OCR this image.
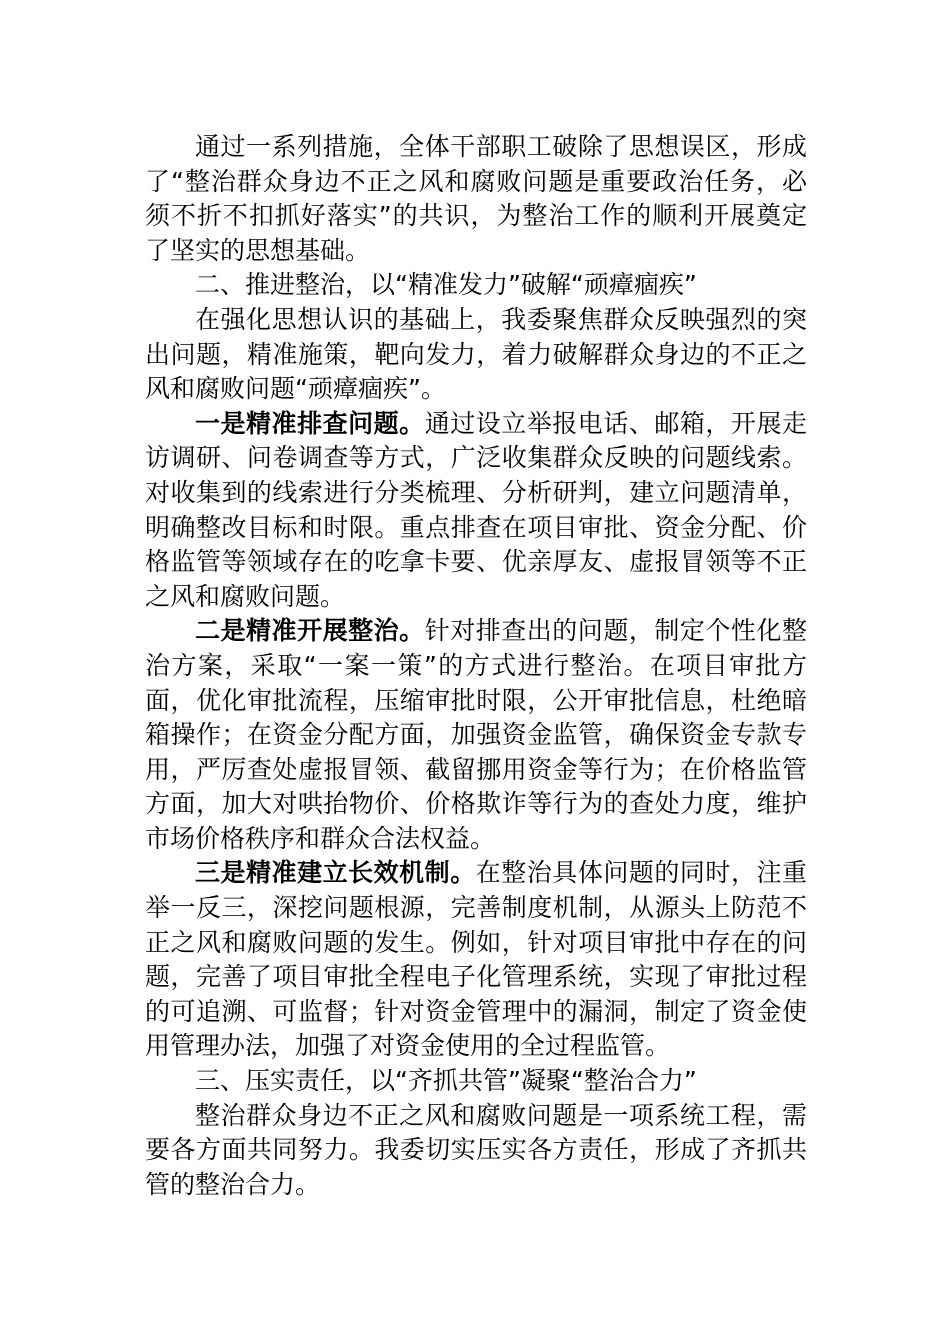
通过一系列措施，全体干部职工破除了思想误区，形成了“整治群众身边不正之风和腐败问题是重要政治任务，必须不折不扣抓好落实”的共识，为整治工作的顺利开展奠定了坚实的思想基础。

二、推进整治，以“精准发力”破解“顽瘴痼疾”

在强化思想认识的基础上，我委聚焦群众反映强烈的突出问题，精准施策，靶向发力，着力破解群众身边的不正之风和腐败问题“顽瘴痼疾”。

一是精准排查问题。通过设立举报电话、邮箱，开展走访调研、问卷调查等方式，广泛收集群众反映的问题线索。对收集到的线索进行分类梳理、分析研判，建立问题清单，明确整改目标和时限。重点排查在项目审批、资金分配、价格监管等领域存在的吃拿卡要、优亲厚友、虚报冒领等不正之风和腐败问题。

二是精准开展整治。针对排查出的问题，制定个性化整治方案，采取“一案一策”的方式进行整治。在项目审批方面，优化审批流程，压缩审批时限，公开审批信息，杜绝暗箱操作；在资金分配方面，加强资金监管，确保资金专款专用，严厉查处虚报冒领、截留挪用资金等行为；在价格监管方面，加大对哄抬物价、价格欺诈等行为的查处力度，维护市场价格秩序和群众合法权益。

三是精准建立长效机制。在整治具体问题的同时，注重举一反三，深挖问题根源，完善制度机制，从源头上防范不正之风和腐败问题的发生。例如，针对项目审批中存在的问题，完善了项目审批全程电子化管理系统，实现了审批过程的可追溯、可监督；针对资金管理中的漏洞，制定了资金使用管理办法，加强了对资金使用的全过程监管。

三、压实责任，以“齐抓共管”凝聚“整治合力”

整治群众身边不正之风和腐败问题是一项系统工程，需要各方面共同努力。我委切实压实各方责任，形成了齐抓共管的整治合力。
